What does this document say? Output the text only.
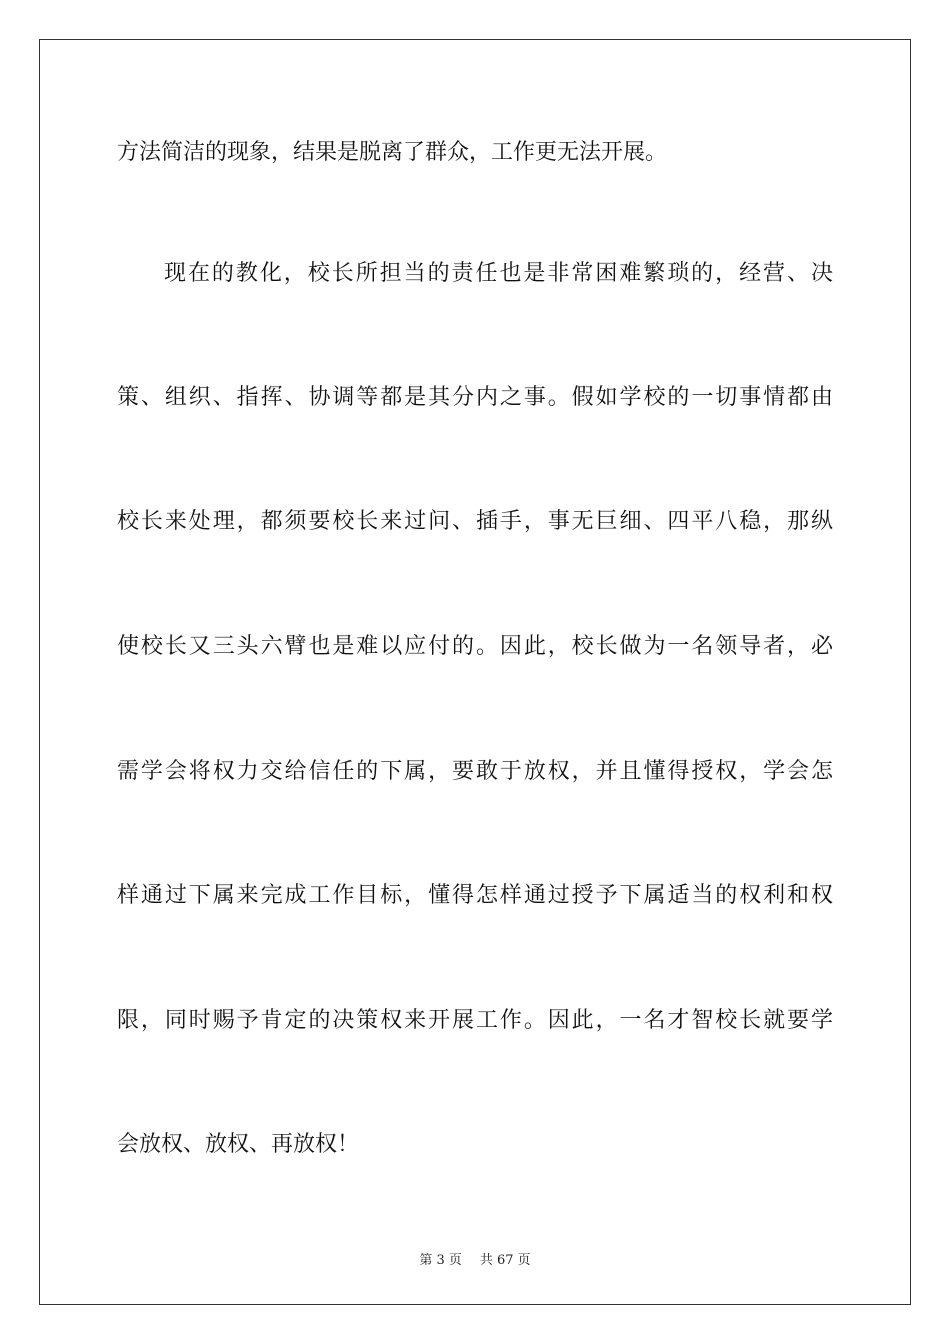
方法简洁的现象，结果是脱离了群众，工作更无法开展。
现在的教化，校长所担当的责任也是非常困难繁琐的，经营、决
策、组织、指挥、协调等都是其分内之事。假如学校的一切事情都由
校长来处理，都须要校长来过问、插手，事无巨细、四平八稳，那纵
使校长又三头六臂也是难以应付的。因此，校长做为一名领导者，必
需学会将权力交给信任的下属，要敢于放权，并且懂得授权，学会怎
样通过下属来完成工作目标，懂得怎样通过授予下属适当的权利和权
限，同时赐予肯定的决策权来开展工作。因此，一名才智校长就要学
会放权、放权、再放权！
第 3 页 共 67 页
